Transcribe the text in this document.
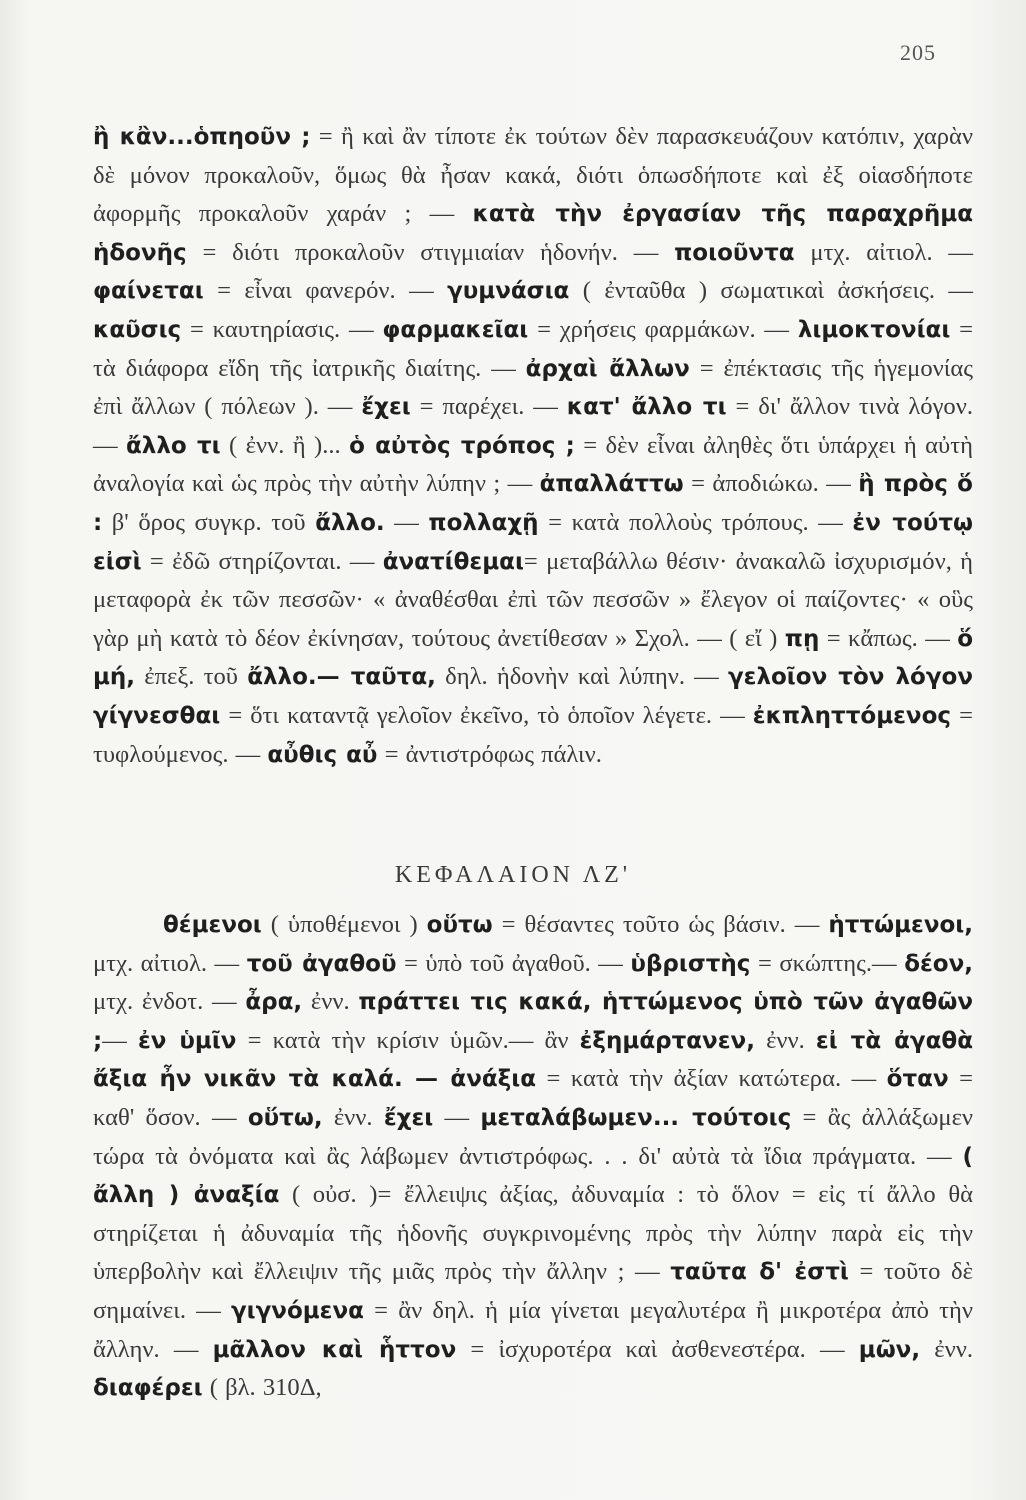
205
ἢ κἂν...ὁπηοῦν ; = ἢ καὶ ἂν τίποτε ἐκ τούτων δὲν παρασκευάζουν κατόπιν, χαρὰν δὲ μόνον προκαλοῦν, ὅμως θὰ ἦσαν κακά, διότι ὁπωσδήποτε καὶ ἐξ οἱασδήποτε ἀφορμῆς προκαλοῦν χαράν ; — κατὰ τὴν ἐργασίαν τῆς παραχρῆμα ἡδονῆς = διότι προκαλοῦν στιγμιαίαν ἡδονήν. — ποιοῦντα μτχ. αἰτιολ. — φαίνεται = εἶναι φανερόν. — γυμνάσια ( ἐνταῦθα ) σωματικαὶ ἀσκήσεις. — καῦσις = καυτηρίασις. — φαρμακεῖαι = χρήσεις φαρμάκων. — λιμοκτονίαι = τὰ διάφορα εἴδη τῆς ἰατρικῆς διαίτης. — ἀρχαὶ ἄλλων = ἐπέκτασις τῆς ἡγεμονίας ἐπὶ ἄλλων ( πόλεων ). — ἔχει = παρέχει. — κατ' ἄλλο τι = δι' ἄλλον τινὰ λόγον. — ἄλλο τι ( ἐνν. ἢ )... ὁ αὐτὸς τρόπος ; = δὲν εἶναι ἀληθὲς ὅτι ὑπάρχει ἡ αὐτὴ ἀναλογία καὶ ὡς πρὸς τὴν αὐτὴν λύπην ; — ἀπαλλάττω = ἀποδιώκω. — ἢ πρὸς ὅ : β' ὅρος συγκρ. τοῦ ἄλλο. — πολλαχῇ = κατὰ πολλοὺς τρόπους. — ἐν τούτῳ εἰσὶ = ἐδῶ στηρίζονται. — ἀνατίθεμαι= μεταβάλλω θέσιν· ἀνακαλῶ ἰσχυρισμόν, ἡ μεταφορὰ ἐκ τῶν πεσσῶν· « ἀναθέσθαι ἐπὶ τῶν πεσσῶν » ἔλεγον οἱ παίζοντες· « οὓς γὰρ μὴ κατὰ τὸ δέον ἐκίνησαν, τούτους ἀνετίθεσαν » Σχολ. — ( εἴ ) πῃ = κἄπως. — ὅ μή, ἐπεξ. τοῦ ἄλλο.— ταῦτα, δηλ. ἡδονὴν καὶ λύπην. — γελοῖον τὸν λόγον γίγνεσθαι = ὅτι καταντᾷ γελοῖον ἐκεῖνο, τὸ ὁποῖον λέγετε. — ἐκπληττόμενος = τυφλούμενος. — αὖθις αὖ = ἀντιστρόφως πάλιν.
ΚΕΦΑΛΑΙΟΝ ΛΖ'
θέμενοι ( ὑποθέμενοι ) οὕτω = θέσαντες τοῦτο ὡς βάσιν. — ἡττώμενοι, μτχ. αἰτιολ. — τοῦ ἀγαθοῦ = ὑπὸ τοῦ ἀγαθοῦ. — ὑβριστὴς = σκώπτης.— δέον, μτχ. ἐνδοτ. — ἆρα, ἐνν. πράττει τις κακά, ἡττώμενος ὑπὸ τῶν ἀγαθῶν ;— ἐν ὑμῖν = κατὰ τὴν κρίσιν ὑμῶν.— ἂν ἐξημάρτανεν, ἐνν. εἰ τὰ ἀγαθὰ ἄξια ἦν νικᾶν τὰ καλά. — ἀνάξια = κατὰ τὴν ἀξίαν κατώτερα. — ὅταν = καθ' ὅσον. — οὕτω, ἐνν. ἔχει — μεταλάβωμεν... τούτοις = ἂς ἀλλάξωμεν τώρα τὰ ὀνόματα καὶ ἂς λάβωμεν ἀντιστρόφως. . . δι' αὐτὰ τὰ ἴδια πράγματα. — ( ἄλλη ) ἀναξία ( οὐσ. )= ἔλλειψις ἀξίας, ἀδυναμία : τὸ ὅλον = εἰς τί ἄλλο θὰ στηρίζεται ἡ ἀδυναμία τῆς ἡδονῆς συγκρινομένης πρὸς τὴν λύπην παρὰ εἰς τὴν ὑπερβολὴν καὶ ἔλλειψιν τῆς μιᾶς πρὸς τὴν ἄλλην ; — ταῦτα δ' ἐστὶ = τοῦτο δὲ σημαίνει. — γιγνόμενα = ἂν δηλ. ἡ μία γίνεται μεγαλυτέρα ἢ μικροτέρα ἀπὸ τὴν ἄλλην. — μᾶλλον καὶ ἧττον = ἰσχυροτέρα καὶ ἀσθενεστέρα. — μῶν, ἐνν. διαφέρει ( βλ. 310Δ,
